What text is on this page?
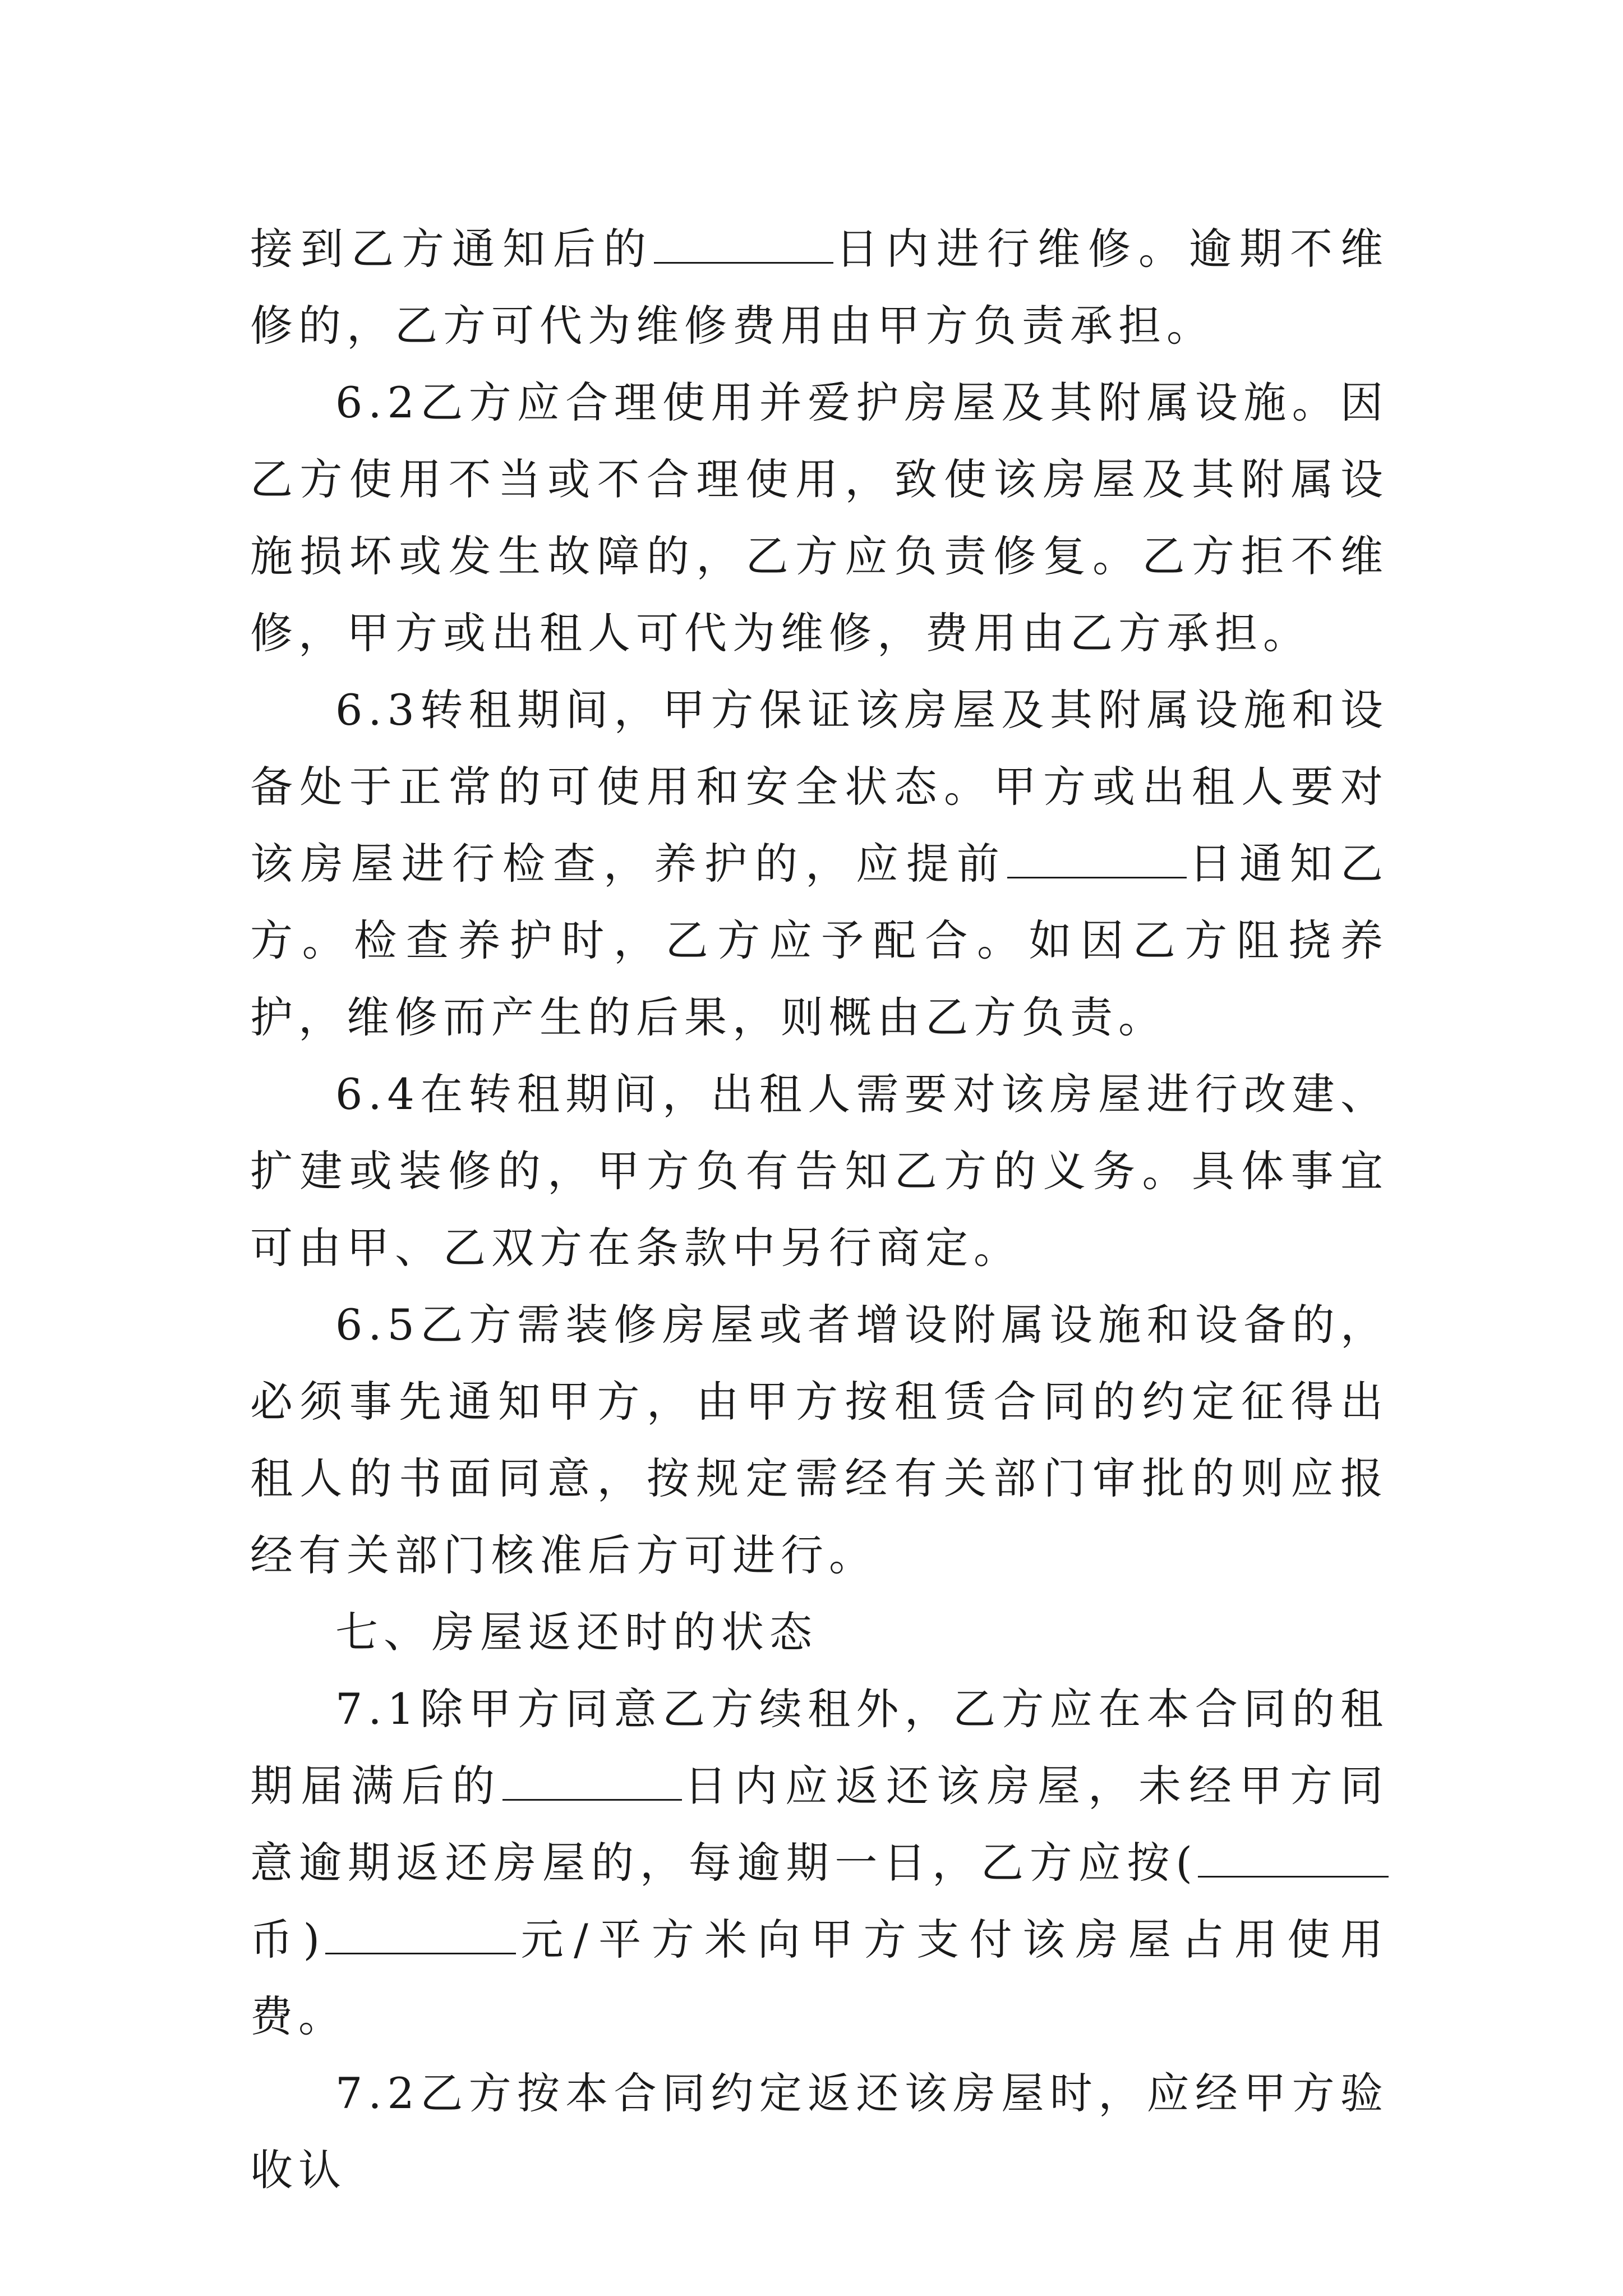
接到乙方通知后的	日内进行维修。逾期不维修的，乙方可代为维修费用由甲方负责承担。

6.2乙方应合理使用并爱护房屋及其附属设施。因乙方使用不当或不合理使用，致使该房屋及其附属设施损坏或发生故障的，乙方应负责修复。乙方拒不维修，甲方或出租人可代为维修，费用由乙方承担。

6.3转租期间，甲方保证该房屋及其附属设施和设备处于正常的可使用和安全状态。甲方或出租人要对该房屋进行检查，养护的，应提前	日通知乙方。检查养护时，乙方应予配合。如因乙方阻挠养护，维修而产生的后果，则概由乙方负责。

6.4在转租期间，出租人需要对该房屋进行改建、扩建或装修的，甲方负有告知乙方的义务。具体事宜可由甲、乙双方在条款中另行商定。

6.5乙方需装修房屋或者增设附属设施和设备的，必须事先通知甲方，由甲方按租赁合同的约定征得出租人的书面同意，按规定需经有关部门审批的则应报经有关部门核准后方可进行。

七、房屋返还时的状态

7.1除甲方同意乙方续租外，乙方应在本合同的租期届满后的	日内应返还该房屋，未经甲方同意逾期返还房屋的，每逾期一日，乙方应按(币)	元/平方米向甲方支付该房屋占用使用费。

7.2乙方按本合同约定返还该房屋时，应经甲方验收认
